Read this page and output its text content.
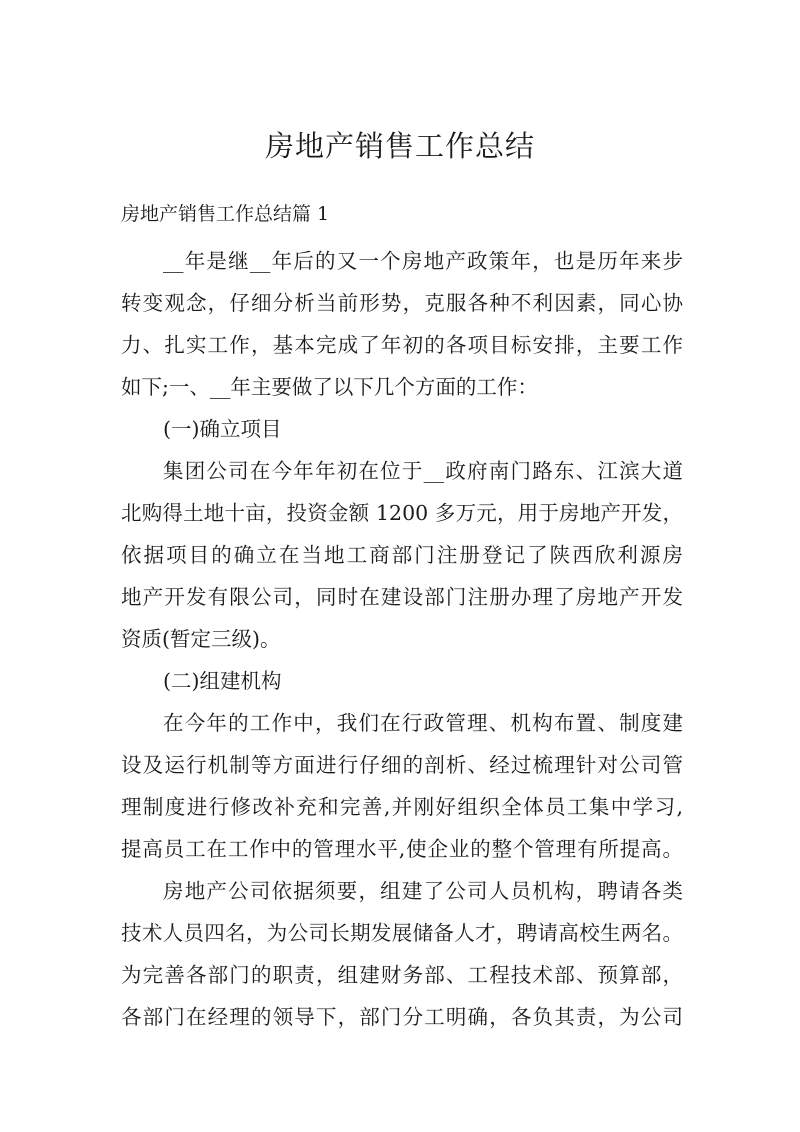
房地产销售工作总结
房地产销售工作总结篇 1
__年是继__年后的又一个房地产政策年，也是历年来步
转变观念，仔细分析当前形势，克服各种不利因素，同心协
力、扎实工作，基本完成了年初的各项目标安排，主要工作
如下;一、__年主要做了以下几个方面的工作：
(一)确立项目
集团公司在今年年初在位于__政府南门路东、江滨大道
北购得土地十亩，投资金额 1200 多万元，用于房地产开发，
依据项目的确立在当地工商部门注册登记了陕西欣利源房
地产开发有限公司，同时在建设部门注册办理了房地产开发
资质(暂定三级)。
(二)组建机构
在今年的工作中，我们在行政管理、机构布置、制度建
设及运行机制等方面进行仔细的剖析、经过梳理针对公司管
理制度进行修改补充和完善,并刚好组织全体员工集中学习,
提高员工在工作中的管理水平,使企业的整个管理有所提高。
房地产公司依据须要，组建了公司人员机构，聘请各类
技术人员四名，为公司长期发展储备人才，聘请高校生两名。
为完善各部门的职责，组建财务部、工程技术部、预算部，
各部门在经理的领导下，部门分工明确，各负其责，为公司
